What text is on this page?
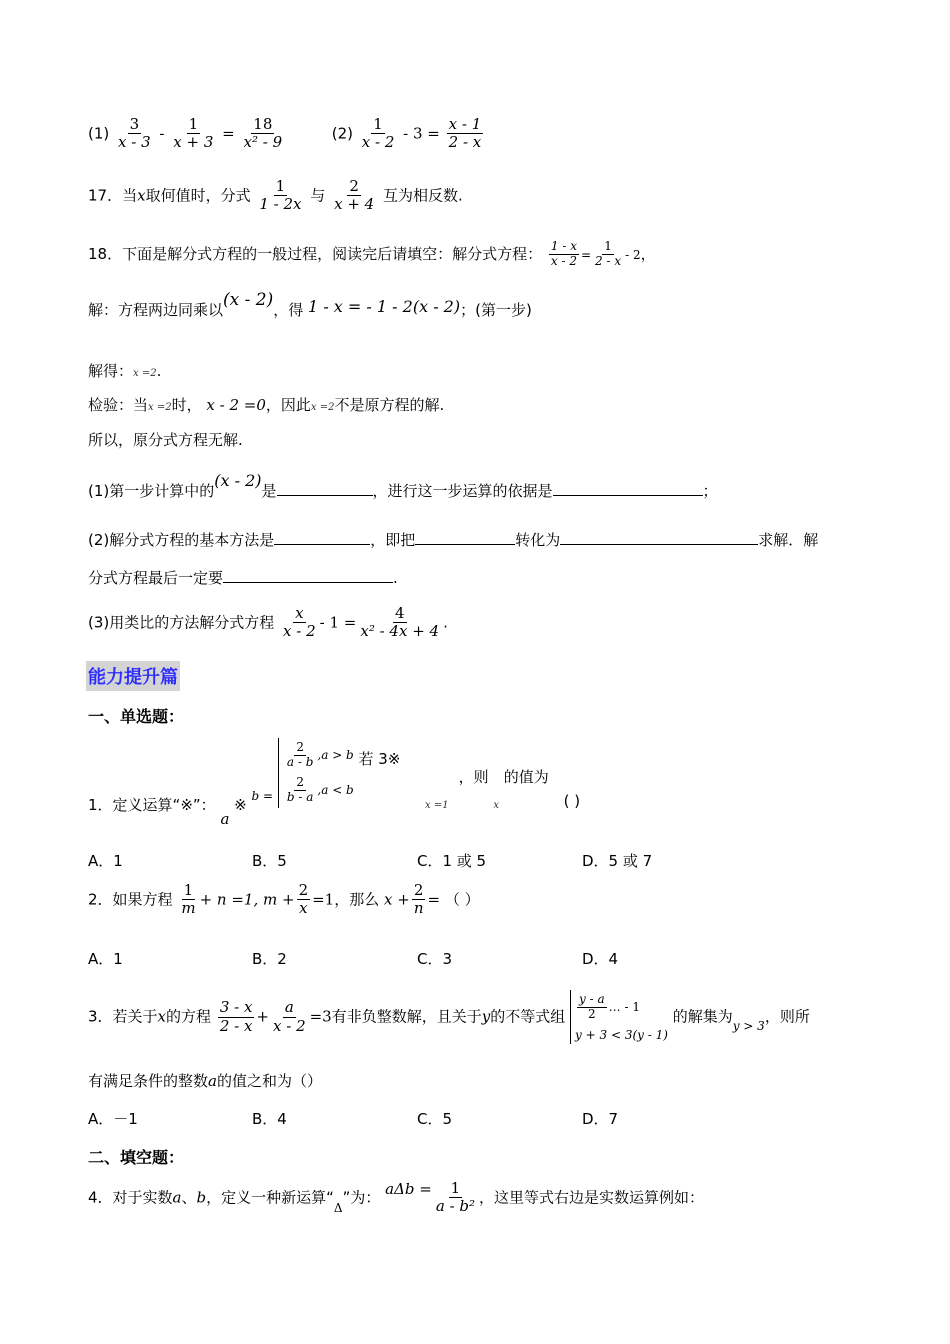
$(1) \frac{3}{x - 3} - \frac{1}{x + 3} = \frac{18}{\text{x² - 9}}$	$(2) \frac{1}{x - 2} - 3 = \frac{x - 1}{2 - x}$
17．当x取何值时，分式 $\frac{1}{1 - 2x}$ 与 $\frac{2}{x + 4}$ 互为相反数.
18．下面是解分式方程的一般过程，阅读完后请填空：解分式方程： $\frac{1 - x}{x - 2} = \frac{1}{2 - x} - 2$，
解：方程两边同乘以(x - 2)，得 1 - x = - 1 - 2(x - 2)；(第一步)
解得：x =2.
检验：当x =2时， x - 2 =0，因此x =2不是原方程的解.
所以，原分式方程无解.
(1)第一步计算中的(x - 2)是	，进行这一步运算的依据是	；
(2)解分式方程的基本方法是	，即把	转化为	求解．解
分式方程最后一定要	.
(3)用类比的方法解分式方程 $\frac{x}{x - 2} - 1 = \frac{4}{\text{x² - 4x + 4}}$ .
能力提升篇
一、单选题：
1．定义运算“※”： a ※ $_{b =}$
$\frac{2}{a - b} ,a > b$
$\frac{2}{b - a} ,a < b$
若 3※
$_{x =1}$，则 $_x$ 的值为 ( )
A．1	B．5	C．1 或 5	D．5 或 7
2．如果方程 $\frac{1}{m} + n =1$, $m + \frac{2}{x} =1$，那么 $x + \frac{2}{n}$ = （ ）
A．1	B．2	C．3	D．4
3．若关于x的方程 $\frac{3 - x}{2 - x} + \frac{a}{x - 2} =3$有非负整数解，且关于y的不等式组 $\frac{y - a}{2}$ … - 1
y + 3 < 3(y - 1)
的解集为$_{y > 3}$，则所
有满足条件的整数a的值之和为（）
A．－1	B．4	C．5	D．7
二、填空题：
4．对于实数a、b，定义一种新运算“$_\Delta$”为： $a\Delta b = \frac{1}{\text{a - b²}}$ ，这里等式右边是实数运算例如：
